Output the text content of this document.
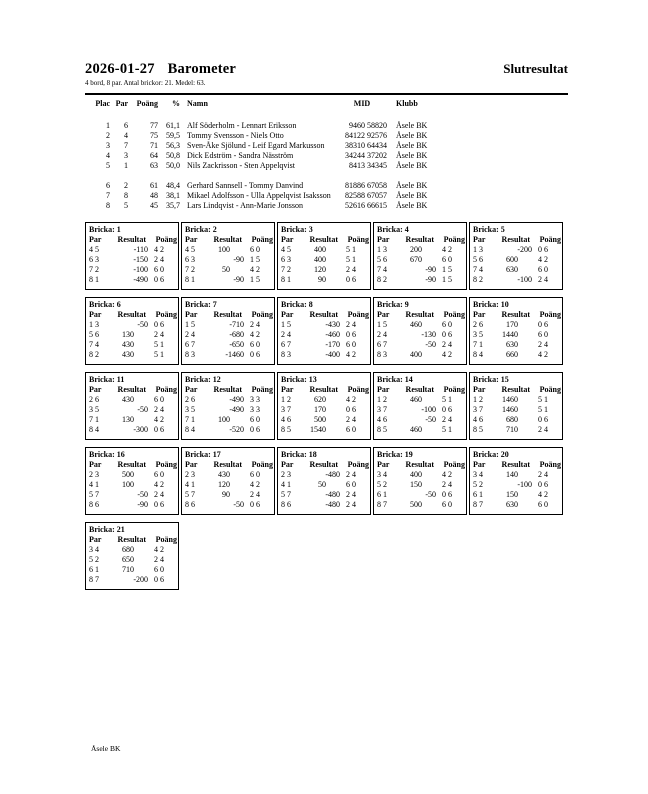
2026-01-27 Barometer	Slutresultat
4 bord, 8 par. Antal brickor: 21. Medel: 63.
Plac Par	Poäng	% Namn	MID	Klubb
1	6	77	61,1 Alf Söderholm - Lennart Eriksson	9460 58820 Åsele BK
2	4	75	59,5 Tommy Svensson - Niels Otto	84122 92576 Åsele BK
3	7	71	56,3 Sven-Åke Sjölund - Leif Egard Markusson	38310 64434 Åsele BK
4	3	64	50,8 Dick Edström - Sandra Näsström	34244 37202 Åsele BK
5	1	63	50,0 Nils Zackrisson - Sten Appelqvist	8413 34345 Åsele BK
6	2	61	48,4 Gerhard Sannsell - Tommy Danvind	81886 67058 Åsele BK
7	8	48	38,1 Mikael Adolfsson - Ulla Appelqvist Isaksson	82588 67057 Åsele BK
8	5	45	35,7 Lars Lindqvist - Ann-Marie Jonsson	52616 66615 Åsele BK
Bricka: 1
Par	Resultat	Poäng
4 5	-110 4 2
6 3	-150 2 4
7 2	-100 6 0
8 1	-490 0 6
Bricka: 2
Par	Resultat	Poäng
4 5	100	6 0
6 3	-90 1 5
7 2	50	4 2
8 1	-90 1 5
Bricka: 3
Par	Resultat	Poäng
4 5	400	5 1
6 3	400	5 1
7 2	120	2 4
8 1	90	0 6
Bricka: 4
Par	Resultat	Poäng
1 3	200	4 2
5 6	670	6 0
7 4	-90 1 5
8 2	-90 1 5
Bricka: 5
Par	Resultat	Poäng
1 3	-200 0 6
5 6	600	4 2
7 4	630	6 0
8 2	-100 2 4
Bricka: 6
Par	Resultat	Poäng
1 3	-50 0 6
5 6	130	2 4
7 4	430	5 1
8 2	430	5 1
Bricka: 7
Par	Resultat	Poäng
1 5	-710 2 4
2 4	-680 4 2
6 7	-650 6 0
8 3	-1460 0 6
Bricka: 8
Par	Resultat	Poäng
1 5	-430 2 4
2 4	-460 0 6
6 7	-170 6 0
8 3	-400 4 2
Bricka: 9
Par	Resultat	Poäng
1 5	460	6 0
2 4	-130 0 6
6 7	-50 2 4
8 3	400	4 2
Bricka: 10
Par	Resultat	Poäng
2 6	170	0 6
3 5	1440	6 0
7 1	630	2 4
8 4	660	4 2
Bricka: 11
Par	Resultat	Poäng
2 6	430	6 0
3 5	-50 2 4
7 1	130	4 2
8 4	-300 0 6
Bricka: 12
Par	Resultat	Poäng
2 6	-490 3 3
3 5	-490 3 3
7 1	100	6 0
8 4	-520 0 6
Bricka: 13
Par	Resultat	Poäng
1 2	620	4 2
3 7	170	0 6
4 6	500	2 4
8 5	1540	6 0
Bricka: 14
Par	Resultat	Poäng
1 2	460	5 1
3 7	-100 0 6
4 6	-50 2 4
8 5	460	5 1
Bricka: 15
Par	Resultat	Poäng
1 2	1460	5 1
3 7	1460	5 1
4 6	680	0 6
8 5	710	2 4
Bricka: 16
Par	Resultat	Poäng
2 3	500	6 0
4 1	100	4 2
5 7	-50 2 4
8 6	-90 0 6
Bricka: 17
Par	Resultat	Poäng
2 3	430	6 0
4 1	120	4 2
5 7	90	2 4
8 6	-50 0 6
Bricka: 18
Par	Resultat	Poäng
2 3	-480 2 4
4 1	50	6 0
5 7	-480 2 4
8 6	-480 2 4
Bricka: 19
Par	Resultat	Poäng
3 4	400	4 2
5 2	150	2 4
6 1	-50 0 6
8 7	500	6 0
Bricka: 20
Par	Resultat	Poäng
3 4	140	2 4
5 2	-100 0 6
6 1	150	4 2
8 7	630	6 0
Bricka: 21
Par	Resultat	Poäng
3 4	680	4 2
5 2	650	2 4
6 1	710	6 0
8 7	-200 0 6
Åsele BK
